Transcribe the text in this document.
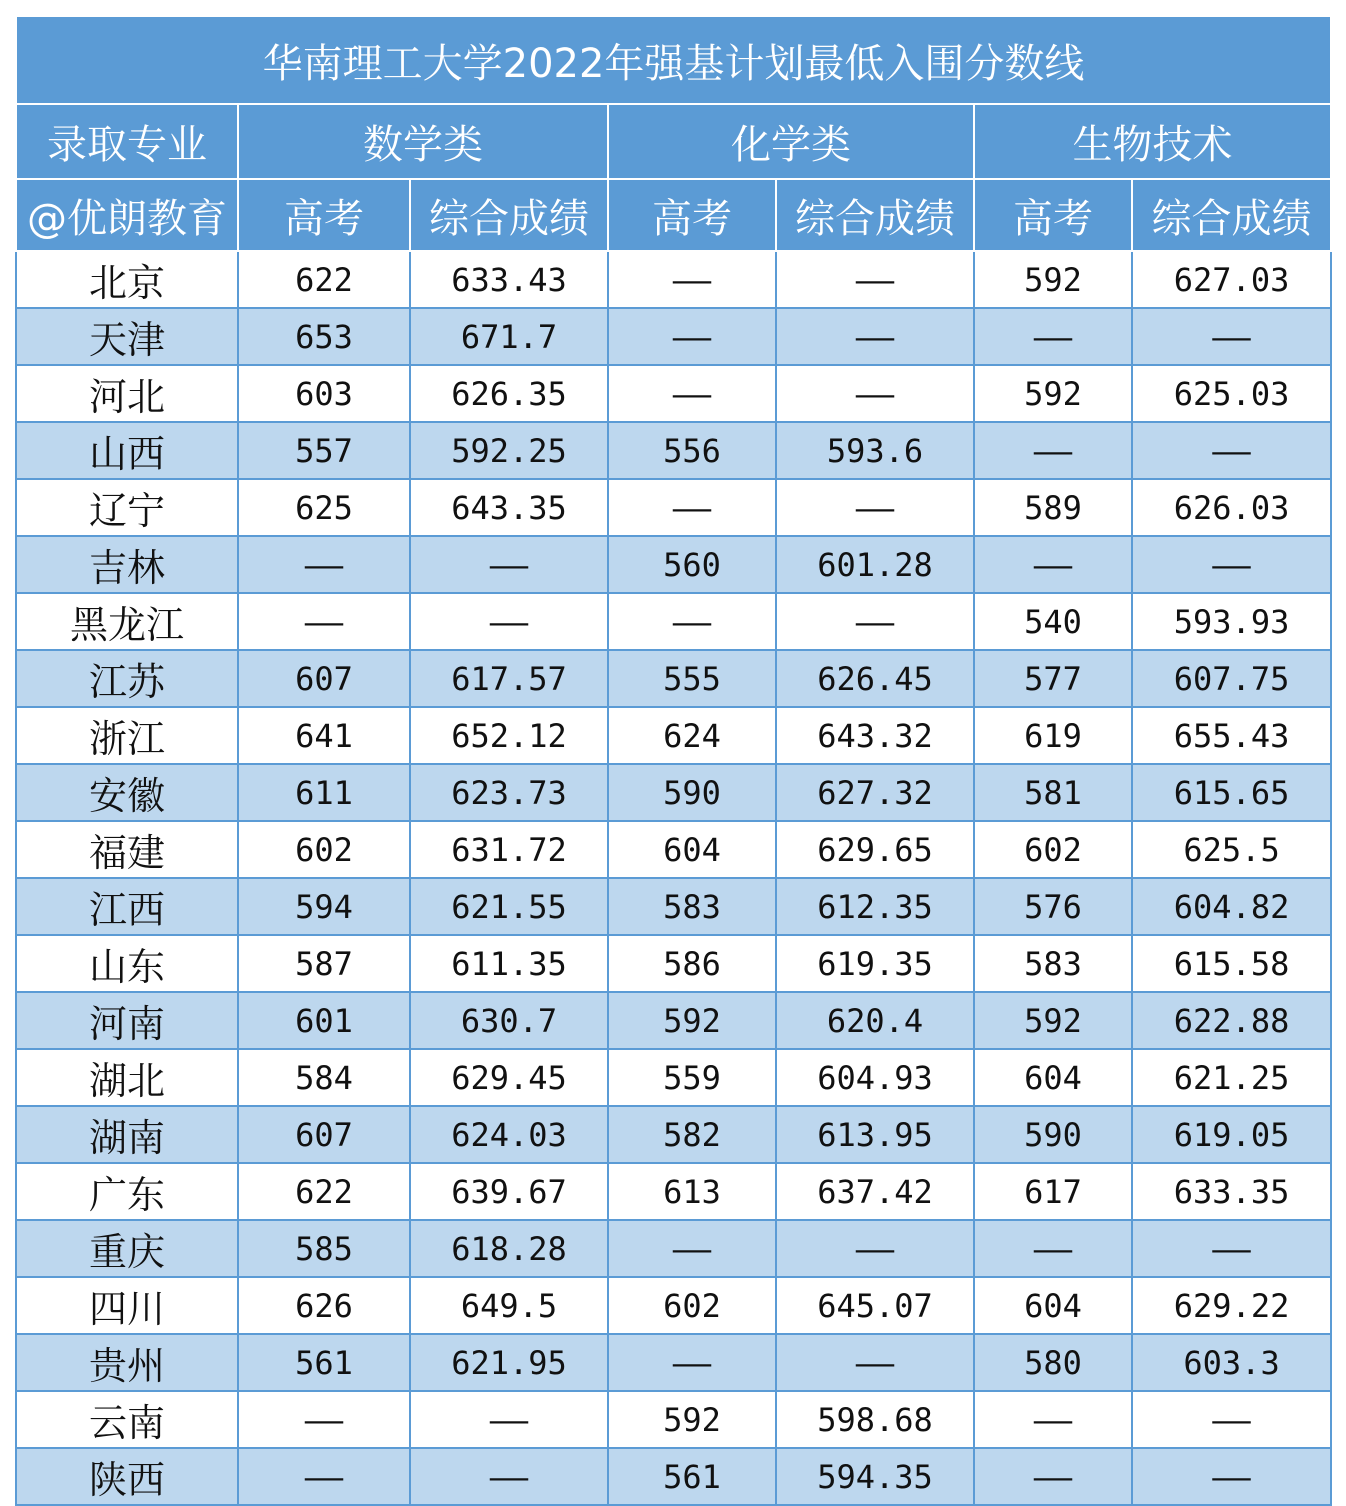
华南理工大学2022年强基计划最低入围分数线						
录取专业	数学类		化学类		生物技术	
@优朗教育	高考	综合成绩	高考	综合成绩	高考	综合成绩
北京	622	633.43	——	——	592	627.03
天津	653	671.7	——	——	——	——
河北	603	626.35	——	——	592	625.03
山西	557	592.25	556	593.6	——	——
辽宁	625	643.35	——	——	589	626.03
吉林	——	——	560	601.28	——	——
黑龙江	——	——	——	——	540	593.93
江苏	607	617.57	555	626.45	577	607.75
浙江	641	652.12	624	643.32	619	655.43
安徽	611	623.73	590	627.32	581	615.65
福建	602	631.72	604	629.65	602	625.5
江西	594	621.55	583	612.35	576	604.82
山东	587	611.35	586	619.35	583	615.58
河南	601	630.7	592	620.4	592	622.88
湖北	584	629.45	559	604.93	604	621.25
湖南	607	624.03	582	613.95	590	619.05
广东	622	639.67	613	637.42	617	633.35
重庆	585	618.28	——	——	——	——
四川	626	649.5	602	645.07	604	629.22
贵州	561	621.95	——	——	580	603.3
云南	——	——	592	598.68	——	——
陕西	——	——	561	594.35	——	——
